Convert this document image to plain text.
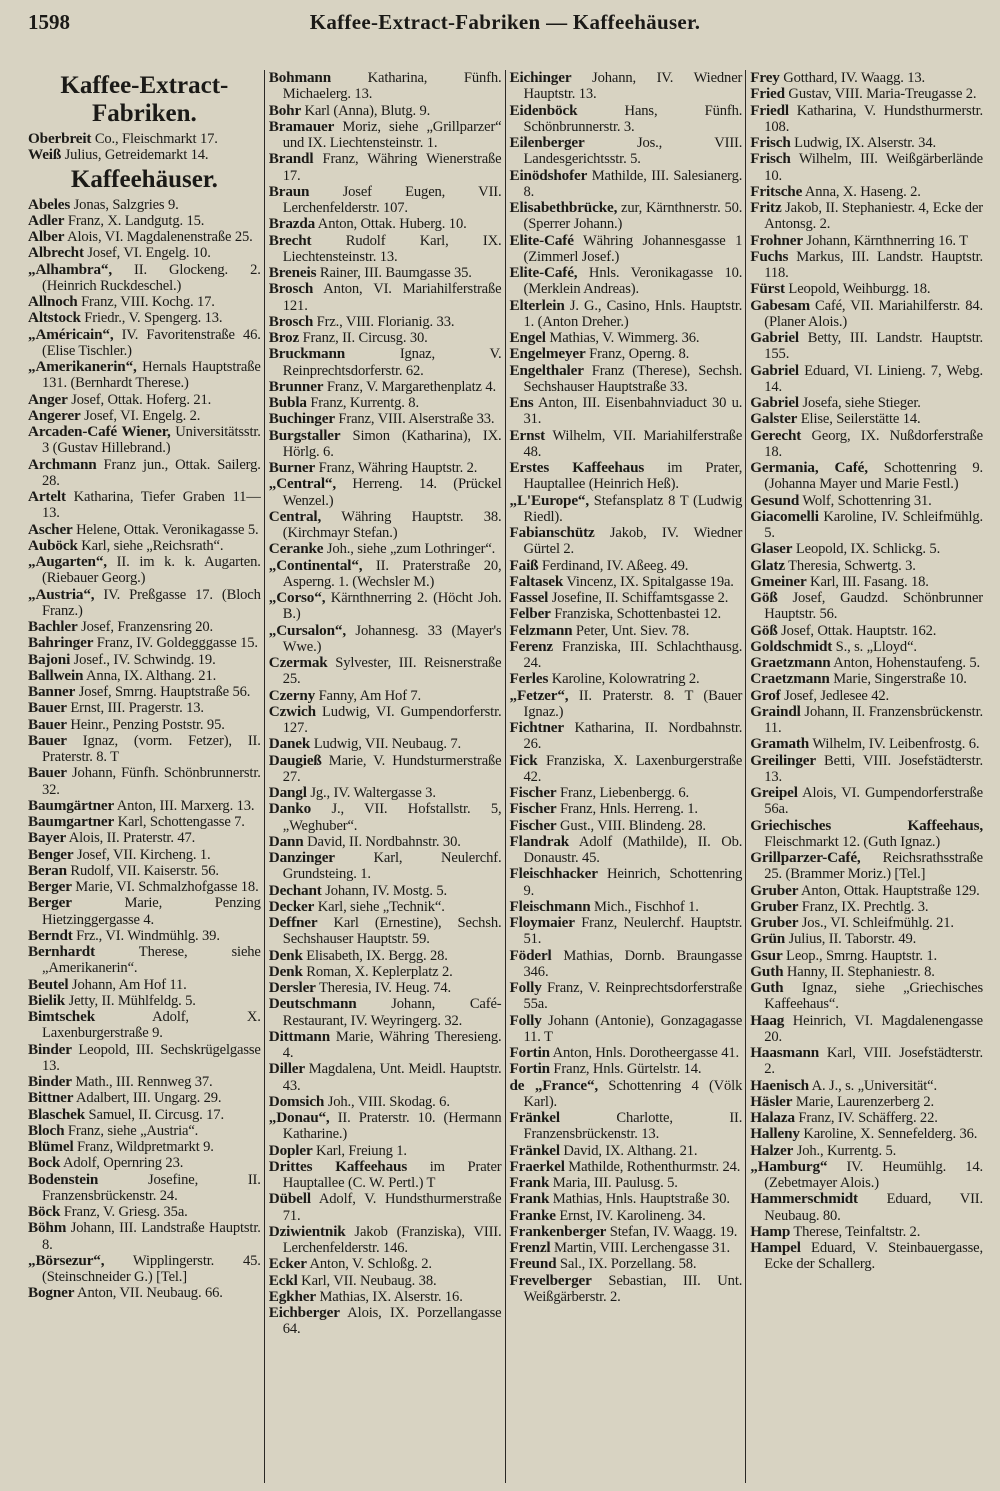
1598	Kaffee-Extract-Fabriken — Kaffeehäuser.
Kaffee-Extract-Fabriken.
Oberbreit Co., Fleischmarkt 17.
Weiß Julius, Getreidemarkt 14.
Kaffeehäuser.
Abeles Jonas, Salzgries 9.
Adler Franz, X. Landgutg. 15.
Alber Alois, VI. Magdalenenstraße 25.
Albrecht Josef, VI. Engelg. 10.
„Alhambra“, II. Glockeng. 2. (Heinrich Ruckdeschel.)
Allnoch Franz, VIII. Kochg. 17.
Altstock Friedr., V. Spengerg. 13.
„Américain“, IV. Favoritenstraße 46. (Elise Tischler.)
„Amerikanerin“, Hernals Hauptstraße 131. (Bernhardt Therese.)
Anger Josef, Ottak. Hoferg. 21.
Angerer Josef, VI. Engelg. 2.
Arcaden-Café Wiener, Universitätsstr. 3 (Gustav Hillebrand.)
Archmann Franz jun., Ottak. Sailerg. 28.
Artelt Katharina, Tiefer Graben 11—13.
Ascher Helene, Ottak. Veronikagasse 5.
Auböck Karl, siehe „Reichsrath“.
„Augarten“, II. im k. k. Augarten. (Riebauer Georg.)
„Austria“, IV. Preßgasse 17. (Bloch Franz.)
Bachler Josef, Franzensring 20.
Bahringer Franz, IV. Goldegggasse 15.
Bajoni Josef., IV. Schwindg. 19.
Ballwein Anna, IX. Althang. 21.
Banner Josef, Smrng. Hauptstraße 56.
Bauer Ernst, III. Pragerstr. 13.
Bauer Heinr., Penzing Poststr. 95.
Bauer Ignaz, (vorm. Fetzer), II. Praterstr. 8. T
Bauer Johann, Fünfh. Schönbrunnerstr. 32.
Baumgärtner Anton, III. Marxerg. 13.
Baumgartner Karl, Schottengasse 7.
Bayer Alois, II. Praterstr. 47.
Benger Josef, VII. Kircheng. 1.
Beran Rudolf, VII. Kaiserstr. 56.
Berger Marie, VI. Schmalzhofgasse 18.
Berger Marie, Penzing Hietzinggergasse 4.
Berndt Frz., VI. Windmühlg. 39.
Bernhardt Therese, siehe „Amerikanerin“.
Beutel Johann, Am Hof 11.
Bielik Jetty, II. Mühlfeldg. 5.
Bimtschek Adolf, X. Laxenburgerstraße 9.
Binder Leopold, III. Sechskrügelgasse 13.
Binder Math., III. Rennweg 37.
Bittner Adalbert, III. Ungarg. 29.
Blaschek Samuel, II. Circusg. 17.
Bloch Franz, siehe „Austria“.
Blümel Franz, Wildpretmarkt 9.
Bock Adolf, Opernring 23.
Bodenstein Josefine, II. Franzensbrückenstr. 24.
Böck Franz, V. Griesg. 35a.
Böhm Johann, III. Landstraße Hauptstr. 8.
„Börsezur“, Wipplingerstr. 45. (Steinschneider G.) [Tel.]
Bogner Anton, VII. Neubaug. 66.
Bohmann Katharina, Fünfh. Michaelerg. 13.
Bohr Karl (Anna), Blutg. 9.
Bramauer Moriz, siehe „Grillparzer“ und IX. Liechtensteinstr. 1.
Brandl Franz, Währing Wienerstraße 17.
Braun Josef Eugen, VII. Lerchenfelderstr. 107.
Brazda Anton, Ottak. Huberg. 10.
Brecht Rudolf Karl, IX. Liechtensteinstr. 13.
Breneis Rainer, III. Baumgasse 35.
Brosch Anton, VI. Mariahilferstraße 121.
Brosch Frz., VIII. Florianig. 33.
Broz Franz, II. Circusg. 30.
Bruckmann Ignaz, V. Reinprechtsdorferstr. 62.
Brunner Franz, V. Margarethenplatz 4.
Bubla Franz, Kurrentg. 8.
Buchinger Franz, VIII. Alserstraße 33.
Burgstaller Simon (Katharina), IX. Hörlg. 6.
Burner Franz, Währing Hauptstr. 2.
„Central“, Herreng. 14. (Prückel Wenzel.)
Central, Währing Hauptstr. 38. (Kirchmayr Stefan.)
Ceranke Joh., siehe „zum Lothringer“.
„Continental“, II. Praterstraße 20, Asperng. 1. (Wechsler M.)
„Corso“, Kärnthnerring 2. (Höcht Joh. B.)
„Cursalon“, Johannesg. 33 (Mayer's Wwe.)
Czermak Sylvester, III. Reisnerstraße 25.
Czerny Fanny, Am Hof 7.
Czwich Ludwig, VI. Gumpendorferstr. 127.
Danek Ludwig, VII. Neubaug. 7.
Daugieß Marie, V. Hundsturmerstraße 27.
Dangl Jg., IV. Waltergasse 3.
Danko J., VII. Hofstallstr. 5, „Weghuber“.
Dann David, II. Nordbahnstr. 30.
Danzinger Karl, Neulerchf. Grundsteing. 1.
Dechant Johann, IV. Mostg. 5.
Decker Karl, siehe „Technik“.
Deffner Karl (Ernestine), Sechsh. Sechshauser Hauptstr. 59.
Denk Elisabeth, IX. Bergg. 28.
Denk Roman, X. Keplerplatz 2.
Dersler Theresia, IV. Heug. 74.
Deutschmann Johann, Café-Restaurant, IV. Weyringerg. 32.
Dittmann Marie, Währing Theresieng. 4.
Diller Magdalena, Unt. Meidl. Hauptstr. 43.
Domsich Joh., VIII. Skodag. 6.
„Donau“, II. Praterstr. 10. (Hermann Katharine.)
Dopler Karl, Freiung 1.
Drittes Kaffeehaus im Prater Hauptallee (C. W. Pertl.) T
Dübell Adolf, V. Hundsthurmerstraße 71.
Dziwientnik Jakob (Franziska), VIII. Lerchenfelderstr. 146.
Ecker Anton, V. Schloßg. 2.
Eckl Karl, VII. Neubaug. 38.
Egkher Mathias, IX. Alserstr. 16.
Eichberger Alois, IX. Porzellangasse 64.
Eichinger Johann, IV. Wiedner Hauptstr. 13.
Eidenböck Hans, Fünfh. Schönbrunnerstr. 3.
Eilenberger Jos., VIII. Landesgerichtsstr. 5.
Einödshofer Mathilde, III. Salesianerg. 8.
Elisabethbrücke, zur, Kärnthnerstr. 50. (Sperrer Johann.)
Elite-Café Währing Johannesgasse 1 (Zimmerl Josef.)
Elite-Café, Hnls. Veronikagasse 10. (Merklein Andreas).
Elterlein J. G., Casino, Hnls. Hauptstr. 1. (Anton Dreher.)
Engel Mathias, V. Wimmerg. 36.
Engelmeyer Franz, Operng. 8.
Engelthaler Franz (Therese), Sechsh. Sechshauser Hauptstraße 33.
Ens Anton, III. Eisenbahnviaduct 30 u. 31.
Ernst Wilhelm, VII. Mariahilferstraße 48.
Erstes Kaffeehaus im Prater, Hauptallee (Heinrich Heß).
„L'Europe“, Stefansplatz 8 T (Ludwig Riedl).
Fabianschütz Jakob, IV. Wiedner Gürtel 2.
Faiß Ferdinand, IV. Aßeeg. 49.
Faltasek Vincenz, IX. Spitalgasse 19a.
Fassel Josefine, II. Schiffamtsgasse 2.
Felber Franziska, Schottenbastei 12.
Felzmann Peter, Unt. Siev. 78.
Ferenz Franziska, III. Schlachthausg. 24.
Ferles Karoline, Kolowratring 2.
„Fetzer“, II. Praterstr. 8. T (Bauer Ignaz.)
Fichtner Katharina, II. Nordbahnstr. 26.
Fick Franziska, X. Laxenburgerstraße 42.
Fischer Franz, Liebenbergg. 6.
Fischer Franz, Hnls. Herreng. 1.
Fischer Gust., VIII. Blindeng. 28.
Flandrak Adolf (Mathilde), II. Ob. Donaustr. 45.
Fleischhacker Heinrich, Schottenring 9.
Fleischmann Mich., Fischhof 1.
Floymaier Franz, Neulerchf. Hauptstr. 51.
Föderl Mathias, Dornb. Braungasse 346.
Folly Franz, V. Reinprechtsdorferstraße 55a.
Folly Johann (Antonie), Gonzagagasse 11. T
Fortin Anton, Hnls. Dorotheergasse 41.
Fortin Franz, Hnls. Gürtelstr. 14.
de „France“, Schottenring 4 (Völk Karl).
Fränkel Charlotte, II. Franzensbrückenstr. 13.
Fränkel David, IX. Althang. 21.
Fraerkel Mathilde, Rothenthurmstr. 24.
Frank Maria, III. Paulusg. 5.
Frank Mathias, Hnls. Hauptstraße 30.
Franke Ernst, IV. Karolineng. 34.
Frankenberger Stefan, IV. Waagg. 19.
Frenzl Martin, VIII. Lerchengasse 31.
Freund Sal., IX. Porzellang. 58.
Frevelberger Sebastian, III. Unt. Weißgärberstr. 2.
Frey Gotthard, IV. Waagg. 13.
Fried Gustav, VIII. Maria-Treugasse 2.
Friedl Katharina, V. Hundsthurmerstr. 108.
Frisch Ludwig, IX. Alserstr. 34.
Frisch Wilhelm, III. Weißgärberlände 10.
Fritsche Anna, X. Haseng. 2.
Fritz Jakob, II. Stephaniestr. 4, Ecke der Antonsg. 2.
Frohner Johann, Kärnthnerring 16. T
Fuchs Markus, III. Landstr. Hauptstr. 118.
Fürst Leopold, Weihburgg. 18.
Gabesam Café, VII. Mariahilferstr. 84. (Planer Alois.)
Gabriel Betty, III. Landstr. Hauptstr. 155.
Gabriel Eduard, VI. Linieng. 7, Webg. 14.
Gabriel Josefa, siehe Stieger.
Galster Elise, Seilerstätte 14.
Gerecht Georg, IX. Nußdorferstraße 18.
Germania, Café, Schottenring 9. (Johanna Mayer und Marie Festl.)
Gesund Wolf, Schottenring 31.
Giacomelli Karoline, IV. Schleifmühlg. 5.
Glaser Leopold, IX. Schlickg. 5.
Glatz Theresia, Schwertg. 3.
Gmeiner Karl, III. Fasang. 18.
Göß Josef, Gaudzd. Schönbrunner Hauptstr. 56.
Göß Josef, Ottak. Hauptstr. 162.
Goldschmidt S., s. „Lloyd“.
Graetzmann Anton, Hohenstaufeng. 5.
Craetzmann Marie, Singerstraße 10.
Grof Josef, Jedlesee 42.
Graindl Johann, II. Franzensbrückenstr. 11.
Gramath Wilhelm, IV. Leibenfrostg. 6.
Greilinger Betti, VIII. Josefstädterstr. 13.
Greipel Alois, VI. Gumpendorferstraße 56a.
Griechisches Kaffeehaus, Fleischmarkt 12. (Guth Ignaz.)
Grillparzer-Café, Reichsrathsstraße 25. (Brammer Moriz.) [Tel.]
Gruber Anton, Ottak. Hauptstraße 129.
Gruber Franz, IX. Prechtlg. 3.
Gruber Jos., VI. Schleifmühlg. 21.
Grün Julius, II. Taborstr. 49.
Gsur Leop., Smrng. Hauptstr. 1.
Guth Hanny, II. Stephaniestr. 8.
Guth Ignaz, siehe „Griechisches Kaffeehaus“.
Haag Heinrich, VI. Magdalenengasse 20.
Haasmann Karl, VIII. Josefstädterstr. 2.
Haenisch A. J., s. „Universität“.
Häsler Marie, Laurenzerberg 2.
Halaza Franz, IV. Schäfferg. 22.
Halleny Karoline, X. Sennefelderg. 36.
Halzer Joh., Kurrentg. 5.
„Hamburg“ IV. Heumühlg. 14. (Zebetmayer Alois.)
Hammerschmidt Eduard, VII. Neubaug. 80.
Hamp Therese, Teinfaltstr. 2.
Hampel Eduard, V. Steinbauergasse, Ecke der Schallerg.
